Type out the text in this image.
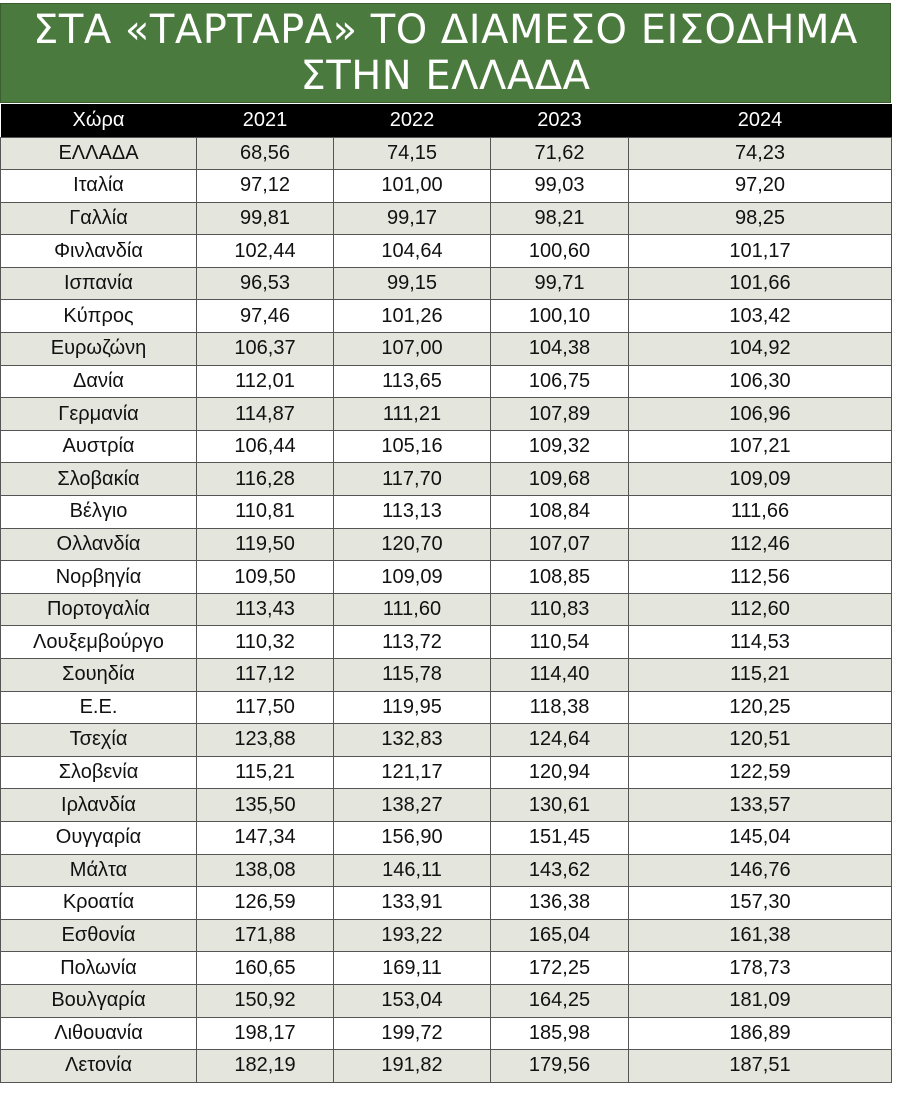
ΣΤΑ «ΤΑΡΤΑΡΑ» ΤΟ ΔΙΑΜΕΣΟ ΕΙΣΟΔΗΜΑ
ΣΤΗΝ ΕΛΛΑΔΑ
Χώρα	2021	2022	2023	2024
ΕΛΛΑΔΑ	68,56	74,15	71,62	74,23
Ιταλία	97,12	101,00	99,03	97,20
Γαλλία	99,81	99,17	98,21	98,25
Φινλανδία	102,44	104,64	100,60	101,17
Ισπανία	96,53	99,15	99,71	101,66
Κύπρος	97,46	101,26	100,10	103,42
Ευρωζώνη	106,37	107,00	104,38	104,92
Δανία	112,01	113,65	106,75	106,30
Γερμανία	114,87	111,21	107,89	106,96
Αυστρία	106,44	105,16	109,32	107,21
Σλοβακία	116,28	117,70	109,68	109,09
Βέλγιο	110,81	113,13	108,84	111,66
Ολλανδία	119,50	120,70	107,07	112,46
Νορβηγία	109,50	109,09	108,85	112,56
Πορτογαλία	113,43	111,60	110,83	112,60
Λουξεμβούργο	110,32	113,72	110,54	114,53
Σουηδία	117,12	115,78	114,40	115,21
Ε.Ε.	117,50	119,95	118,38	120,25
Τσεχία	123,88	132,83	124,64	120,51
Σλοβενία	115,21	121,17	120,94	122,59
Ιρλανδία	135,50	138,27	130,61	133,57
Ουγγαρία	147,34	156,90	151,45	145,04
Μάλτα	138,08	146,11	143,62	146,76
Κροατία	126,59	133,91	136,38	157,30
Εσθονία	171,88	193,22	165,04	161,38
Πολωνία	160,65	169,11	172,25	178,73
Βουλγαρία	150,92	153,04	164,25	181,09
Λιθουανία	198,17	199,72	185,98	186,89
Λετονία	182,19	191,82	179,56	187,51
